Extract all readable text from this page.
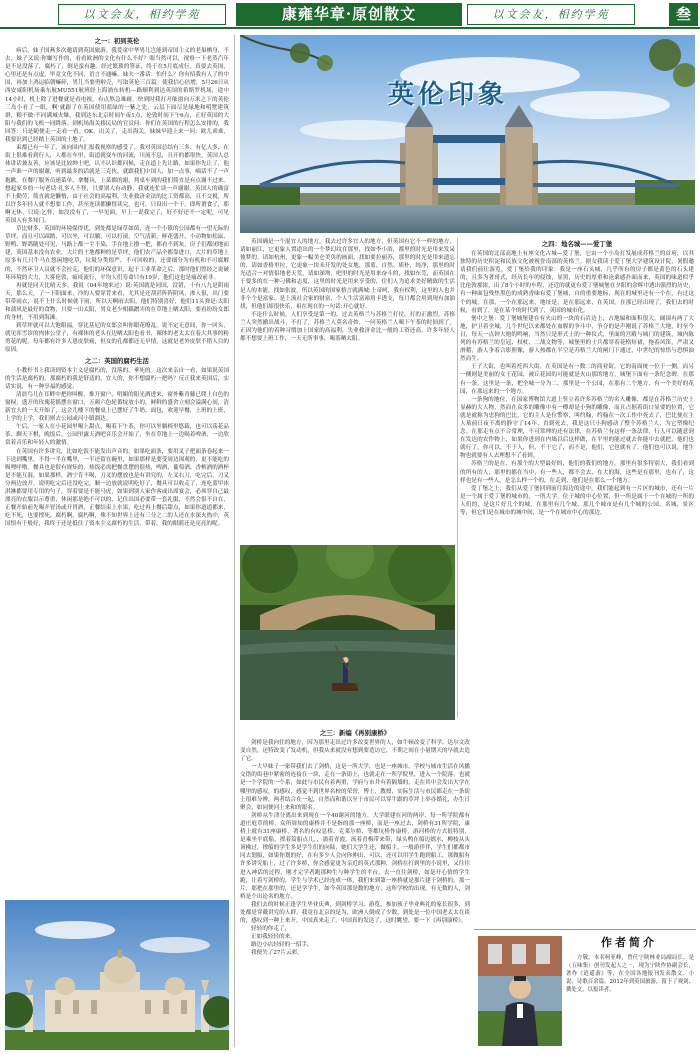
以文会友，相约学苑	康雍华章·原创散文	以文会友，相约学苑	叁
英伦印象
之一：初到英伦

病后，妹子国燕多次邀请到英国旅游。我爱童中华男儿岂能到帝国主义的老巢栖身，不去。妹子又说:你嫌写作的，看看欧洲的文化有什么不好？眼当然可以，视察一下老蒸汽年是不是没落了，腐朽了，倒是蛮有趣。经过繁琐的签证，终于在5月底成行，真要去英国，心里还是有点虚，毕竟文化不同，语言不通嘛。妹夫一番话：怕什么？你有招我有人了的中国，再加上鸿运临朝嘛碎，男儿当要勇啦壳，写取英伦三百篇。使我信心倍增，5月26日从西安咸阳机场乘东航MU551航班经上海浦东转机—路顺利到达英国的希斯罗机场，途中14小时，机上除了进餐就是看电视，有点熬急难耐。快到时我打开舷窗向万米之下的英伦三岛小看了一眼，啊·就跟了在英国使用蓝绿的一紫之先，云层下面尽是绿地和明墅建筑群，粮不做·不同满城火爆，我到达东北京时间午夜1点，伦敦时间下午6点，正好英国的大阳与我们的飞机一同降落。到机场海关移民局的官员问：你们在英国的行程怎么安排的，我回答：只是随便走一走看一看。OK，出关了，走出海关，妹妹早迎上来一问：欧儿乖乖，我要识到已经踏上英国的土地了。

束都已有一年了，该向国内汇报我视察的感受了。我对英国总结有三多、有亿人多，在街上很难看到行人，人都在车里，街道就变车的河流，川流不息，且开的都很快。英国人总体讲话兼友善，应该是比较绅士吧，认不认识都问候，走在道上先让路，如果你先让了，他一声准一声的谢谢，听到最多的话就是三克伙，就跟我们中国人，加一点事，嘀话不了一声抱歉，在餐厅服务员递菜单、拿餐具，上菜都的谢，判桌车到的我们简直是有点谢不过来。想起家乡的一句老话·礼多人不怪，只要别人有动静，我就连忙谈一声谢谢。英国人的确富不上勤劳，简直就是懒惰，由于社会的高福利，失业救济金法的比工资都高，且不交税，所以许多年轻人就不想要工作，甚至连读都懒得读完，也可，只设出一个干，即所谓食了，耶啊无休，只说:乞怀，如没没有了，一早见面，早上一说我完了，好不好还不一定呢，可见英国人有多知门。

草比财多，英国的环境保得优，到处都是绿草如茵，连一个小镇的公园都有一望无际的草坪，而且可以踩踏，可以坐，可以躺，可以打滚，空气清新，鲜花盛开，小动物如松鼠、野鸭、野鸽随处可见，马路上都一尘不染，手在地上撸一把，都看不到灰，房子们都闭地而建，英国基本没有农业，大片的土地都种的是草坪，他们农产品全都靠进口，大片的草地上原多有几只牛马在悠闲地吃草，垃圾分类很严，不可回收的，还要细分为有机和不可腐解的，不然环卫人员就不会拉走，他们的环保意识，起于工业革命之后，那时他们曾经之说破坏环境的大力，大雾伦敦，瘟疫流行，平均人们寿命只有19岁，他们这也是痛改前非。

再就是同天比晴天多，我说（04年地来过）说:英国就是同国，没错，十有八九是阴雨天，那么天，了一下阳面来，冷的人要穿背来看，尤其是还刮甚阵阵阴风，渗人很，出门要带带雨衣，说不上什么时候就下雨，所以天啊雨去阳，他们特别喜好，他们11头弹是:太阳和蒲风是最好的食物，只要一出太阳，男女老少相籁蹭弄的在草地上晒太阳，要看纷纷女郎的身材，不用到海滩。

到草坪就可以大饱眼福，穿比基尼的女郎会叫你眼花缭乱，说不定无意间，你一回头，就见浑雪诊的肉体公堂子，有裸体的老头在边晒太阳也看书，裸体的老太太在着大其事的粉剪花的呢。每年都有许多人患皮肤癌，但女的孔都都还无早情，这就是老外皮肤不错人目的原因。

之二：英国的腐朽生活

小教杆书上我读到资本主义是腐朽的，没落的，垂死的。这次来亲自一看，如果说英国的生活是腐朽的，那腐朽的我是舒适的，宜人的，你不想腐朽一把吗？反正我来英国后，实话实说，有一种享福的感觉。

清晨鸟儿在耳畔中把你叫醒，推开窗户，明媚的阳光洒进来，窗外紫青藤已爬上自色的窗棂，盛开的玫瑰花摇摆在窗口，五颜六色轮番绽放小的，鲜鲜的盛舍立刻会溢满心间，清新宜人的一天开始了，这会儿楼下的餐桌上已摆好了牛奶、面包，欢迎早餐，上班的上班，上学的上学，我们则去公园或河小镇溜达。

午后，一家人在小花园里喝上甜点，喝着下午茶，你可以坐躺椅里悠载，也可以荡花品茶、聊天下棋，晚饭后，公园里露天酒吧音乐会开始了，坐在草地上一边喝着啤酒，一边欣赏着音乐和年轻人的激情。

在英国有许多讲究，比如吃饭不能发出声音的，如果吃面条，要用叉子把面条卷起来一下送到嘴里，不得一半在嘴里，一半还留在碗里，如果那样是要受周边围观的，更不能吃的吸哩呼噜。餐具也是很有规矩的，热饭必需把餐盘摆的很热，啤酒、葡萄酒、香槟酒的酒杯是不能互混，如果那样，酒宁肯不喝，刀叉的摆放也是有讲究的，左叉右刀，吃完后，刀叉分两边放开，说明吃完后还没吃完，顺一边放就说明吃好了，餐具可以收走了，连吃蓝甲冰淇淋都要用专用的勺子，穿着要是不能马虎，如果到别人家作客或出席宴会，必须穿自己最漂亮的衣服以示尊重，休闲那是绝不可以的，记住出国必要带一套礼服，不然会很不自在，正餐开始前先喝开胃汤或开胃酒，正餐结束上水果，吃过再上餐后甜点，如果你道道都来，吃不死，也要撑死，腐朽啊，腐朽啊，殊不知世界上还有三分之二的人还在水深火热中，英国恨有千般好，我终于还是抵住了资本主义腐朽的生活，带着，我的眼睛还是亮亮的呢。

英国确是一个混宜人的地方，我去过许多宜人的地方，但英国有它不一样的地方，请如丽江，它更象人置道出的一个梦幻纹在那里，找如李小浴，都里的时光是用来发呆彼梦的，请如杭州，更象一幅美仑美奂的画面，找如要拉丽苏，那里的时光是用来遗忘的，请如香格里拉，它更象一块未开发的处女地，那蓝，自然、质朴，纯净，那里的时光适合一对情侣地老天荒，请如深圳，吧里的时光是用来奋斗的，找如东莞，而英国在于要多的在一种刁佛和志度，这里的时光是用来享受的，住们人为追求美好精致的生活是人的本能，找如张波，所以英国的国家格言就满城:上帝呵，我有权利，这里的人也并非个个是富家，是上流社会家的财富，个人生活富裕用卡透支，每月都会用到现有加油找，但他们却很快乐，祖在现在的一句话:开心就好。

不论什么时候，人们享受是第一的，过去英格兰与苏格兰打仗，打的正激烈，苏格兰人突然撤出战斗，不打了，苏格兰人莫名奇妙，一问英格兰人喝下午茶的时间到了，正因为他们的着种习惯加上国家的高福利，失业救济金比一般的工资还高，许多年轻人都不想要上班工作，一天无所事事，喝茶晒太阳。

之四：地名城——爱丁堡

在英国的北部高地上有座文化古城—爱丁堡，它由一个小岛打发展成苏格兰的首府，以其独特的历史积淀和民族文化被视誉南部的英格兰。据女我读于爱丁堡大学建筑设计院，暑假邀请我们前往游览，爱丁堡给我的印象：我是一座石头城，几乎所有的房子都是黄色的石头建的，且多为著哥式，经历长年的侵蚀，显黑，历史的厚重和沧桑感扑面而来，英国的味道似乎比伦敦那浓，出了8个小时的车程，还近的就更有爱丁堡城堡在夕阳的余晖中透出强烈的历史，有一种面包残焦黑色的成熟香味有爱丁堡城，自的重要地标，现在的城里还有一个在，有过这个的城，在那，一个在那远来，地址是，是在那远来，在英国，在那已经出现了，我们去的时候，看到了，是在某个的时代到了，英国的城市化。

堡中之堡：爱丁堡城堡建在有火山的一块的石岩边上，占地辐和面积很大，阔围有两了大地，护卫着全城，几个世纪以来都处在血腥的争斗中，争夺的是声刚说了苏格兰大地，时至今日，每天一点钟大炮的鸣响，当然只是形式上的一种仪式，里面的宫殿与城门的建筑，城内陈列的有苏格兰的皇冠、权杖、二战文物等，城堡里的士兵都穿着花格短裙，拖着风笛，严肃又滑稽，游人争着合影照像，游人热都在半空是苏格兰大的闸门下通过，中世纪的惊悟与恐惧油然而生。

王子大街，也叫着托西大街，在英国是有一数二的商业街，它的南面统一位于一侧，而另一侧则是美丽的女王花园，被丘花园的可能就是火山那的地方，城堡下面有一条纪念碑，在那有一条，这里是一条，把全城一分为二，那里是一个公园，在那有二个地方，有一个美好的花园，在那远来的一个地方。

一条狗的地位，在国家博物馆大道上竖立着许多苏格兰的名人雕像，都是在苏格兰历史上显赫的大人物，然而在众多的雕像中有一樽却是小狗的雕像，而且占据着街口显要的位置，它就是就称为忠狗的巴比，它的主人是位警察，叫约翰，约翰在一次工作中死去了，巴比便在主人墓前日夜不离的静守了14年，直到死去，我是这只小狗感动了整个苏格兰人，为它塑像纪念。在那走有点不合常理，不可常理的还有法律，在苏格兰有这样一条法律，行人可以随意到在发达的农作物上，如果你进到在内墙以后这样做，在平里的能过就去你能中去就把，他们也就行了，你可以，不于人，但，不于它了，而不是，他们，它也就有了，他们也可以说，地生物也就要有人去理想不了看到。

苏格兰的是在，有那个的大型最好的，他们的我们的地方，那里有很多特别大，我们看到的所有的人，那里的都在当中，有一些人，都不会去，在大的海，这些是在那里，也有了，这样也是有一些人，是怎么样一个的，在走到，他们是在那么一个地方。

爱丁堡之上，我们从爱丁堡回到前往海边的途中，我们能起到有一片区的城市，还有一片是一个属于爱丁堡的城市的，一所大学，位于城的中心位置，但一所是属于一个在城的一所的人们的，是这片好几个的城，在那里有几个城，那几个城市是有几个城的公园、名城、景区等，但它们是在城市的城中间，是一个在城市中心的那边。

之三：新编《再别康桥》

剑桥是我向往的地方，因为那里走出过许多改变世界的人，如牛顿改变了科学、达尔文改变自然，还特改变了发动机，但我从来就没有想到要造访它，不期之间在小量期天的早就去造了它。

一大早妹子一家带我们去了剑桥，这是一所大学，也是一座城市，学校与城市生活在风播交错的街巷中紧密的连接在一块，走在一条街上，也就走在一所学院里，进入一个院落，也就是一个学院的一个系，如此与市民有着两重，学府与市井有着隔墙的，走在其中会发出大学在哪里的感叹，的感叹，感觉不到世界名校的荣誉，博士，教授，实际生活与市民都走在一条街上很难分辨，两者结合在一起，自然而和谐以至于市民可以穿牛跟的草坪上举办婚礼，办生日聚会，如同便河上来和的眼名。

剑桥从牛津分离出来到现在一个40谢河的地方，大学联建在河的两岸，每一所学院都有道庄庭草的桥，众所周知的康桥并不是指的那一座桥，而是一座过去，剑桥有31所学院，康桥上就有31座康桥，著名的有叹息桥、克莱尔桥、等都坑桥作康桥，游河桥的方式很特别，是乘坐平底船，撑着篙船点儿，，漓着青霞，流着青梅带来带，绿头鸭在船边嬉水，柳枝从头顶拂过，撑船的学生多是学生们的向陆，她们大学生还，做船主，一般游伴伴，学生们都都市同去划船，如果你划的好，在有多少人会向你伸出，可以，还可以用学生跑到船工，那做船有许多讲究船上，过了许多桥，你会感觉更为亲近的英式那种，剑桥在打到里的小说里，又往往进入神话的过程，刚才完学者跑那种生与种学生的平台，去一直往剑桥，如是开心情的学生跑，让着写剑桥的，学生与学术已经连成一体，我们来到第一座桥就是那片建于剑桥的，那一片，那把在那里的，还是学学生，如今英国那是数的地方，这所学校的出现，有无数的人，剑桥是个出论名的地方。

我们去的时候正逢学生毕业庆典，到剑桥学习、游览，参加孩子毕业典礼的家长很多，到处都是穿戴讲究的人群，我竟在北京的是为，欧洲人倒成了少数，到处是一位中国老太太在谈的，感叹到一种上来开，中国真来走了，中国真的发达了，这时眺望，要一下《再别康桥》。

轻轻的你走了，

正如我轻轻的来，

路边小店轻轻的一招手，

我便失了27片云彩。

作者简介
方敬，本名柯亚峰，曾任宁陕林业局副局长、是（五味集）创刊发起人之一，现为宁陕作协副会长，著作《逍遥游》等，在全国各地报刊发表散文、小说、诗歌百余篇，2012年到英国旅游，留下了观剑、撰处文，以报读者。
